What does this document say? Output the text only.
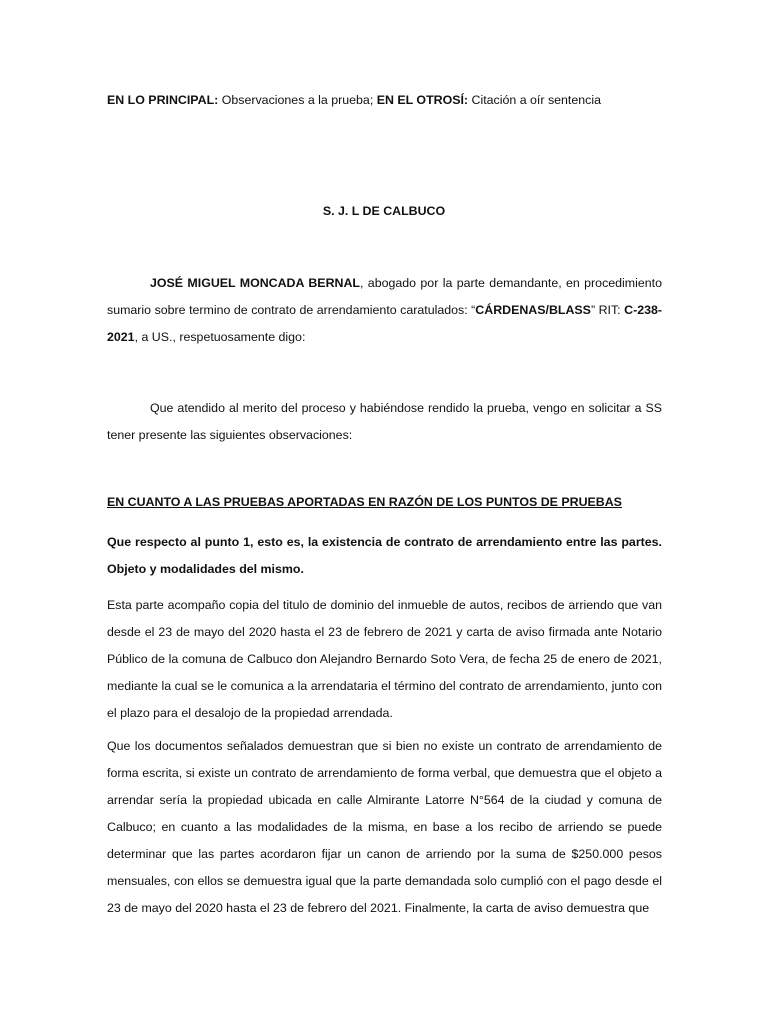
EN LO PRINCIPAL: Observaciones a la prueba; EN EL OTROSÍ: Citación a oír sentencia
S. J. L DE CALBUCO
JOSÉ MIGUEL MONCADA BERNAL, abogado por la parte demandante, en procedimiento sumario sobre termino de contrato de arrendamiento caratulados: “CÁRDENAS/BLASS” RIT: C-238-2021, a US., respetuosamente digo:
Que atendido al merito del proceso y habiéndose rendido la prueba, vengo en solicitar a SS tener presente las siguientes observaciones:
EN CUANTO A LAS PRUEBAS APORTADAS EN RAZÓN DE LOS PUNTOS DE PRUEBAS
Que respecto al punto 1, esto es, la existencia de contrato de arrendamiento entre las partes. Objeto y modalidades del mismo.
Esta parte acompaño copia del titulo de dominio del inmueble de autos, recibos de arriendo que van desde el 23 de mayo del 2020 hasta el 23 de febrero de 2021 y carta de aviso firmada ante Notario Público de la comuna de Calbuco don Alejandro Bernardo Soto Vera, de fecha 25 de enero de 2021, mediante la cual se le comunica a la arrendataria el término del contrato de arrendamiento, junto con el plazo para el desalojo de la propiedad arrendada.
Que los documentos señalados demuestran que si bien no existe un contrato de arrendamiento de forma escrita, si existe un contrato de arrendamiento de forma verbal, que demuestra que el objeto a arrendar sería la propiedad ubicada en calle Almirante Latorre N°564 de la ciudad y comuna de Calbuco; en cuanto a las modalidades de la misma, en base a los recibo de arriendo se puede determinar que las partes acordaron fijar un canon de arriendo por la suma de $250.000 pesos mensuales, con ellos se demuestra igual que la parte demandada solo cumplió con el pago desde el 23 de mayo del 2020 hasta el 23 de febrero del 2021. Finalmente, la carta de aviso demuestra que
